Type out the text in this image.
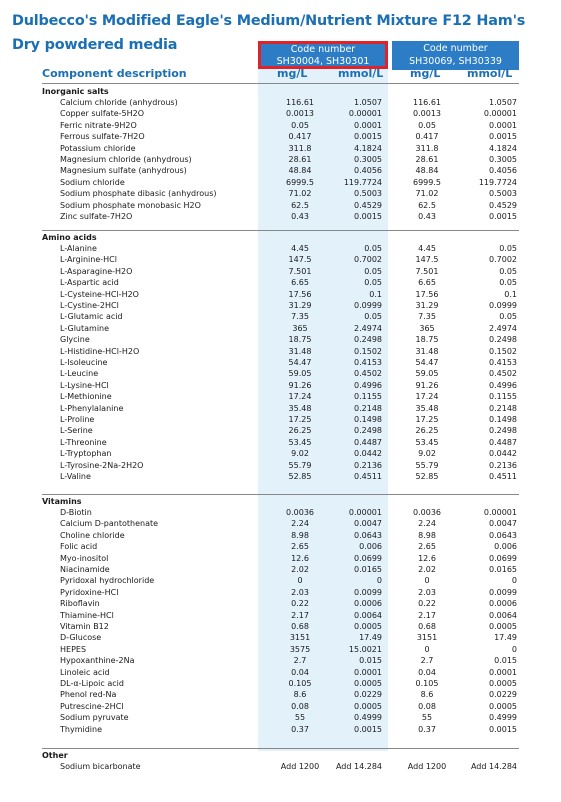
Dulbecco's Modified Eagle's Medium/Nutrient Mixture F12 Ham's
Dry powdered media	Code number
SH30004, SH30301
Code number
SH30069, SH30339
Component description	mg/L	mmol/L mg/L mmol/L
Inorganic salts
Calcium chloride (anhydrous)	116.61	1.0507	116.61	1.0507
Copper sulfate-5H2O	0.0013	0.00001	0.0013	0.00001
Ferric nitrate-9H2O	0.05	0.0001	0.05	0.0001
Ferrous sulfate-7H2O	0.417	0.0015	0.417	0.0015
Potassium chloride	311.8	4.1824	311.8	4.1824
Magnesium chloride (anhydrous)	28.61	0.3005	28.61	0.3005
Magnesium sulfate (anhydrous)	48.84	0.4056	48.84	0.4056
Sodium chloride	6999.5	119.7724	6999.5	119.7724
Sodium phosphate dibasic (anhydrous)	71.02	0.5003	71.02	0.5003
Sodium phosphate monobasic H2O	62.5	0.4529	62.5	0.4529
Zinc sulfate-7H2O	0.43	0.0015	0.43	0.0015
Amino acids
L-Alanine	4.45	0.05	4.45	0.05
L-Arginine-HCl	147.5	0.7002	147.5	0.7002
L-Asparagine-H2O	7.501	0.05	7.501	0.05
L-Aspartic acid	6.65	0.05	6.65	0.05
L-Cysteine-HCl-H2O	17.56	0.1	17.56	0.1
L-Cystine-2HCl	31.29	0.0999	31.29	0.0999
L-Glutamic acid	7.35	0.05	7.35	0.05
L-Glutamine	365	2.4974	365	2.4974
Glycine	18.75	0.2498	18.75	0.2498
L-Histidine-HCl-H2O	31.48	0.1502	31.48	0.1502
L-Isoleucine	54.47	0.4153	54.47	0.4153
L-Leucine	59.05	0.4502	59.05	0.4502
L-Lysine-HCl	91.26	0.4996	91.26	0.4996
L-Methionine	17.24	0.1155	17.24	0.1155
L-Phenylalanine	35.48	0.2148	35.48	0.2148
L-Proline	17.25	0.1498	17.25	0.1498
L-Serine	26.25	0.2498	26.25	0.2498
L-Threonine	53.45	0.4487	53.45	0.4487
L-Tryptophan	9.02	0.0442	9.02	0.0442
L-Tyrosine-2Na-2H2O	55.79	0.2136	55.79	0.2136
L-Valine	52.85	0.4511	52.85	0.4511
Vitamins
D-Biotin	0.0036	0.00001	0.0036	0.00001
Calcium D-pantothenate	2.24	0.0047	2.24	0.0047
Choline chloride	8.98	0.0643	8.98	0.0643
Folic acid	2.65	0.006	2.65	0.006
Myo-inositol	12.6	0.0699	12.6	0.0699
Niacinamide	2.02	0.0165	2.02	0.0165
Pyridoxal hydrochloride	0	0	0	0
Pyridoxine-HCl	2.03	0.0099	2.03	0.0099
Riboflavin	0.22	0.0006	0.22	0.0006
Thiamine-HCl	2.17	0.0064	2.17	0.0064
Vitamin B12	0.68	0.0005	0.68	0.0005
D-Glucose	3151	17.49	3151	17.49
HEPES	3575	15.0021	0	0
Hypoxanthine-2Na	2.7	0.015	2.7	0.015
Linoleic acid	0.04	0.0001	0.04	0.0001
DL-α-Lipoic acid	0.105	0.0005	0.105	0.0005
Phenol red-Na	8.6	0.0229	8.6	0.0229
Putrescine-2HCl	0.08	0.0005	0.08	0.0005
Sodium pyruvate	55	0.4999	55	0.4999
Thymidine	0.37	0.0015	0.37	0.0015
Other
Sodium bicarbonate	Add 1200	Add 14.284	Add 1200	Add 14.284
